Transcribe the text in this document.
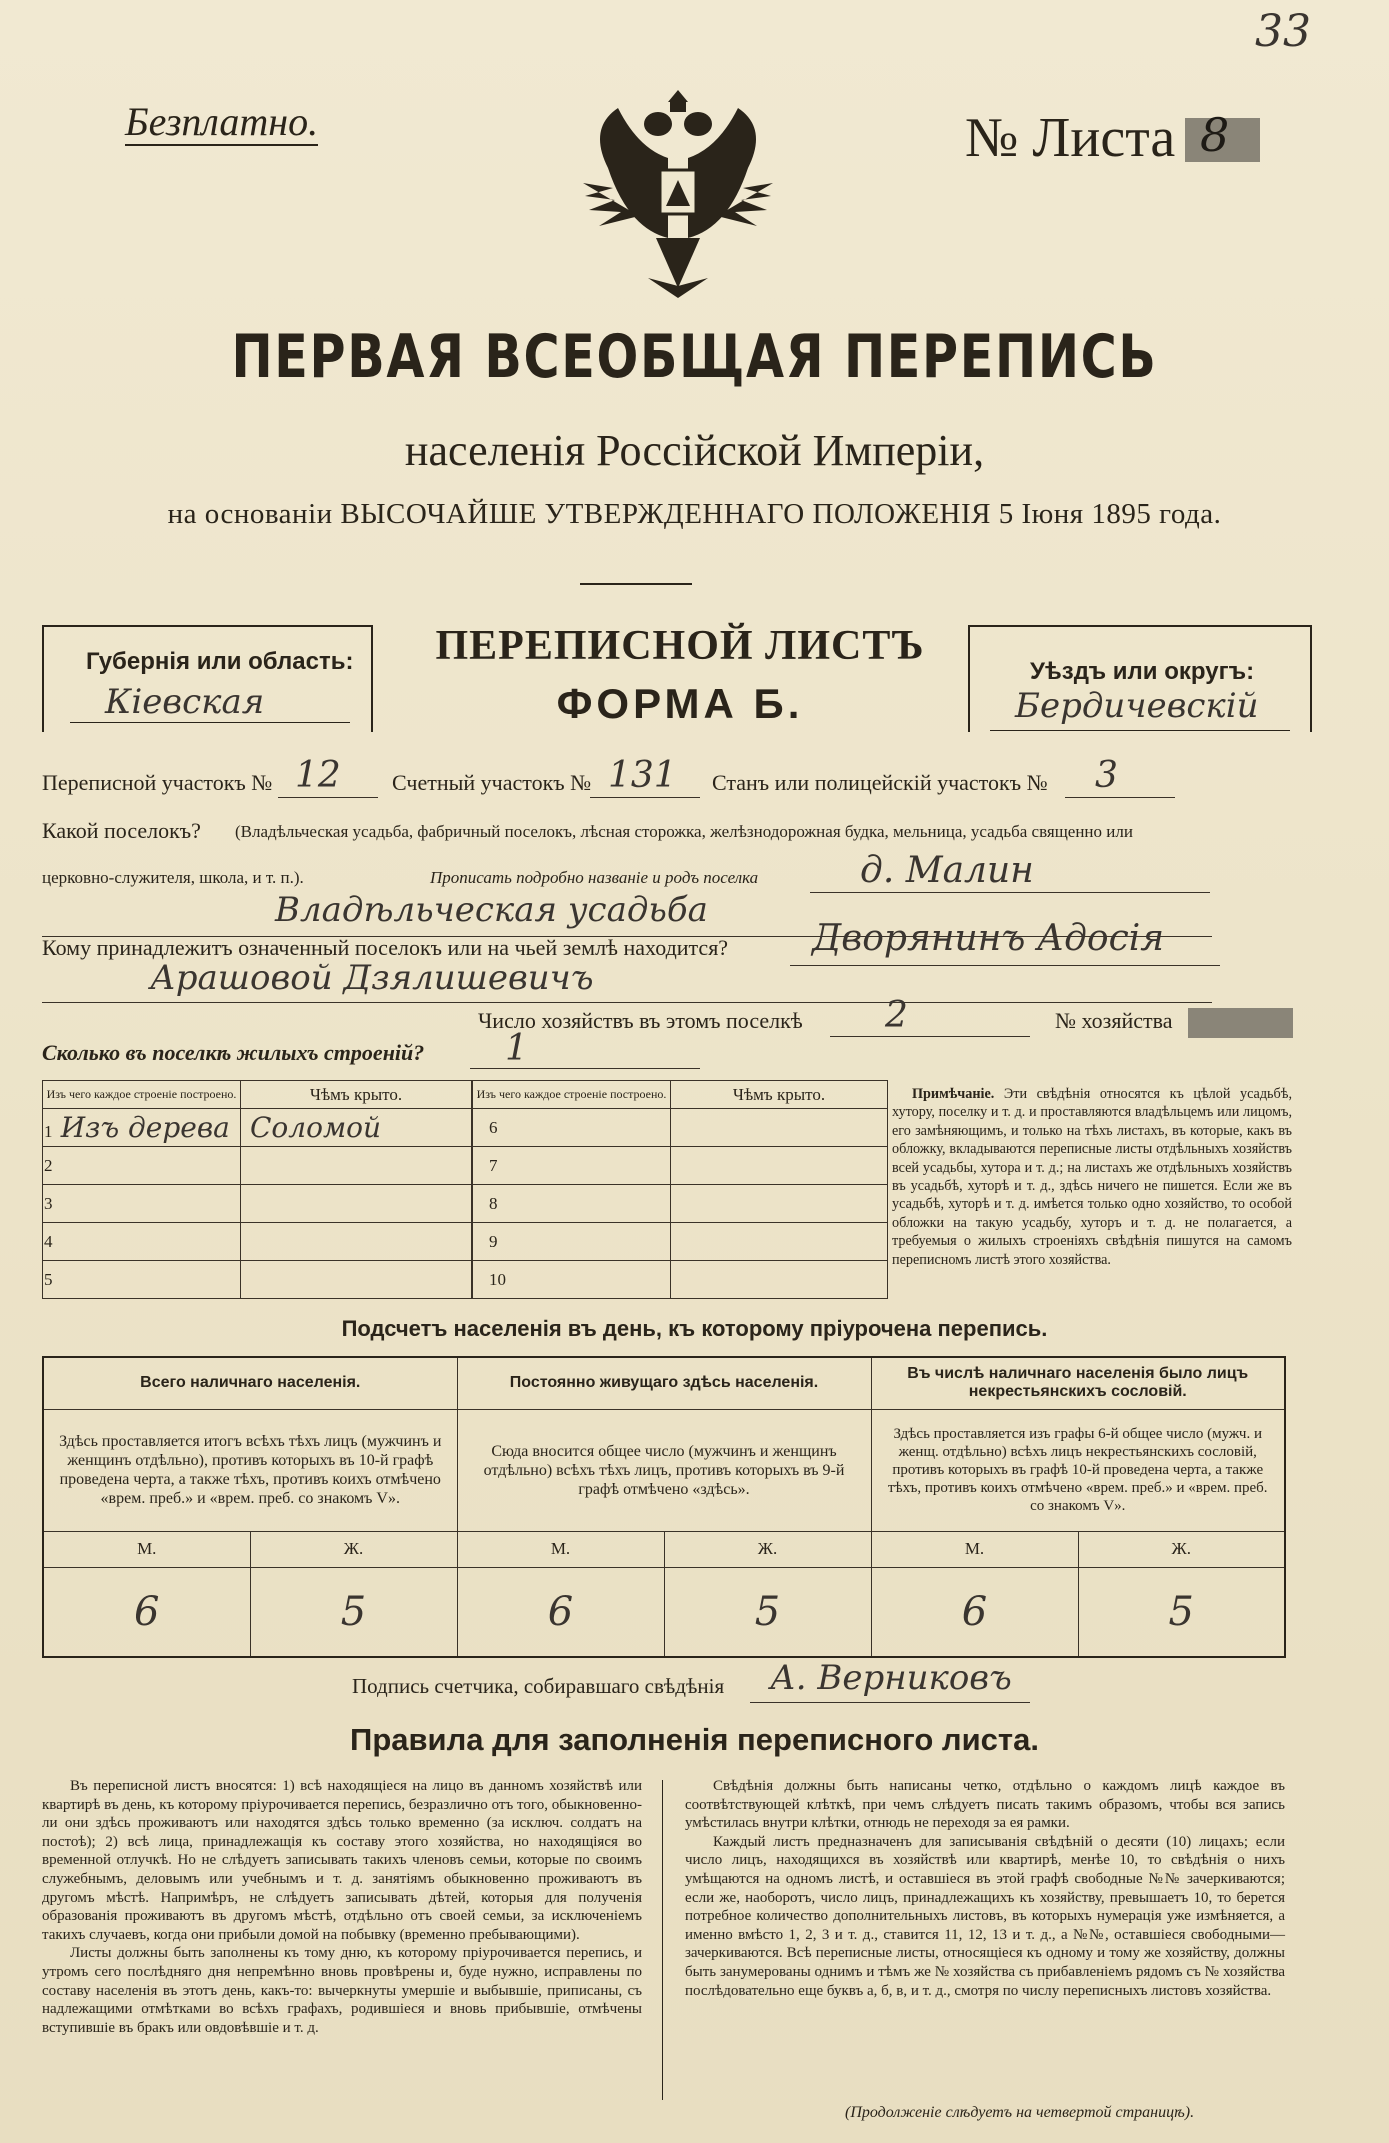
33
Безплатно.	№ Листа 8
ПЕРВАЯ ВСЕОБЩАЯ ПЕРЕПИСЬ
населенія Россійской Имперіи,
на основаніи ВЫСОЧАЙШЕ УТВЕРЖДЕННАГО ПОЛОЖЕНІЯ 5 Іюня 1895 года.
Губернія или область:
Кіевская
ПЕРЕПИСНОЙ ЛИСТЪ
ФОРМА Б.
Уѣздъ или округъ:
Бердичевскій
Переписной участокъ № 12 Счетный участокъ № 131 Станъ или полицейскій участокъ № 3
Какой поселокъ? (Владѣльческая усадьба, фабричный поселокъ, лѣсная сторожка, желѣзнодорожная будка, мельница, усадьба священно или
церковно-служителя, школа, и т. п.).	Прописать подробно названіе и родъ поселка	д. Малин
Владѣльческая усадьба
Кому принадлежитъ означенный поселокъ или на чьей землѣ находится? Дворянинъ Адосія
Арашовой Дзялишевичъ
Число хозяйствъ въ этомъ поселкѣ 2	№ хозяйства
Сколько въ поселкѣ жилыхъ строеній? 1
Изъ чего каждое строеніе построено.	Чѣмъ крыто.
1 Изъ дерева	Соломой
2	
3	
4	
5	
Изъ чего каждое строеніе построено.	Чѣмъ крыто.
6	
7	
8	
9	
10	
Примѣчаніе. Эти свѣдѣнія относятся къ цѣлой усадьбѣ, хутору, поселку и т. д. и проставляются владѣльцемъ или лицомъ, его замѣняющимъ, и только на тѣхъ листахъ, въ которые, какъ въ обложку, вкладываются переписные листы отдѣльныхъ хозяйствъ всей усадьбы, хутора и т. д.; на листахъ же отдѣльныхъ хозяйствъ въ усадьбѣ, хуторѣ и т. д., здѣсь ничего не пишется. Если же въ усадьбѣ, хуторѣ и т. д. имѣется только одно хозяйство, то особой обложки на такую усадьбу, хуторъ и т. д. не полагается, а требуемыя о жилыхъ строеніяхъ свѣдѣнія пишутся на самомъ переписномъ листѣ этого хозяйства.
Подсчетъ населенія въ день, къ которому пріурочена перепись.
Всего наличнаго населенія.		Постоянно живущаго здѣсь населенія.		Въ числѣ наличнаго населенія было лицъ некрестьянскихъ сословій.	
Здѣсь проставляется итогъ всѣхъ тѣхъ лицъ (мужчинъ и женщинъ отдѣльно), противъ которыхъ въ 10-й графѣ проведена черта, а также тѣхъ, противъ коихъ отмѣчено «врем. преб.» и «врем. преб. со знакомъ V».		Сюда вносится общее число (мужчинъ и женщинъ отдѣльно) всѣхъ тѣхъ лицъ, противъ которыхъ въ 9-й графѣ отмѣчено «здѣсь».		Здѣсь проставляется изъ графы 6-й общее число (мужч. и женщ. отдѣльно) всѣхъ лицъ некрестьянскихъ сословій, противъ которыхъ въ графѣ 10-й проведена черта, а также тѣхъ, противъ коихъ отмѣчено «врем. преб.» и «врем. преб. со знакомъ V».	
М.	Ж.	М.	Ж.	М.	Ж.
6	5	6	5	6	5
Подпись счетчика, собиравшаго свѣдѣнія А. Верниковъ
Правила для заполненія переписного листа.

Въ переписной листъ вносятся: 1) всѣ находящіеся на лицо въ данномъ хозяйствѣ или квартирѣ въ день, къ которому пріурочивается перепись, безразлично отъ того, обыкновенно-ли они здѣсь проживаютъ или находятся здѣсь только временно (за исключ. солдатъ на постоѣ); 2) всѣ лица, принадлежащія къ составу этого хозяйства, но находящіяся во временной отлучкѣ. Но не слѣдуетъ записывать такихъ членовъ семьи, которые по своимъ служебнымъ, деловымъ или учебнымъ и т. д. занятіямъ обыкновенно проживаютъ въ другомъ мѣстѣ. Напримѣръ, не слѣдуетъ записывать дѣтей, которыя для полученія образованія проживаютъ въ другомъ мѣстѣ, отдѣльно отъ своей семьи, за исключеніемъ такихъ случаевъ, когда они прибыли домой на побывку (временно пребывающими).

Листы должны быть заполнены къ тому дню, къ которому пріурочивается перепись, и утромъ сего послѣдняго дня непремѣнно вновь провѣрены и, буде нужно, исправлены по составу населенія въ этотъ день, какъ-то: вычеркнуты умершіе и выбывшіе, приписаны, съ надлежащими отмѣтками во всѣхъ графахъ, родившіеся и вновь прибывшіе, отмѣчены вступившіе въ бракъ или овдовѣвшіе и т. д.

Свѣдѣнія должны быть написаны четко, отдѣльно о каждомъ лицѣ каждое въ соотвѣтствующей клѣткѣ, при чемъ слѣдуетъ писать такимъ образомъ, чтобы вся запись умѣстилась внутри клѣтки, отнюдь не переходя за ея рамки.

Каждый листъ предназначенъ для записыванія свѣдѣній о десяти (10) лицахъ; если число лицъ, находящихся въ хозяйствѣ или квартирѣ, менѣе 10, то свѣдѣнія о нихъ умѣщаются на одномъ листѣ, и оставшіеся въ этой графѣ свободные №№ зачеркиваются; если же, наоборотъ, число лицъ, принадлежащихъ къ хозяйству, превышаетъ 10, то берется потребное количество дополнительныхъ листовъ, въ которыхъ нумерація уже измѣняется, а именно вмѣсто 1, 2, 3 и т. д., ставится 11, 12, 13 и т. д., а №№, оставшіеся свободными—зачеркиваются. Всѣ переписные листы, относящіеся къ одному и тому же хозяйству, должны быть занумерованы однимъ и тѣмъ же № хозяйства съ прибавленіемъ рядомъ съ № хозяйства послѣдовательно еще буквъ а, б, в, и т. д., смотря по числу переписныхъ листовъ хозяйства.

(Продолженіе слѣдуетъ на четвертой страницѣ).
